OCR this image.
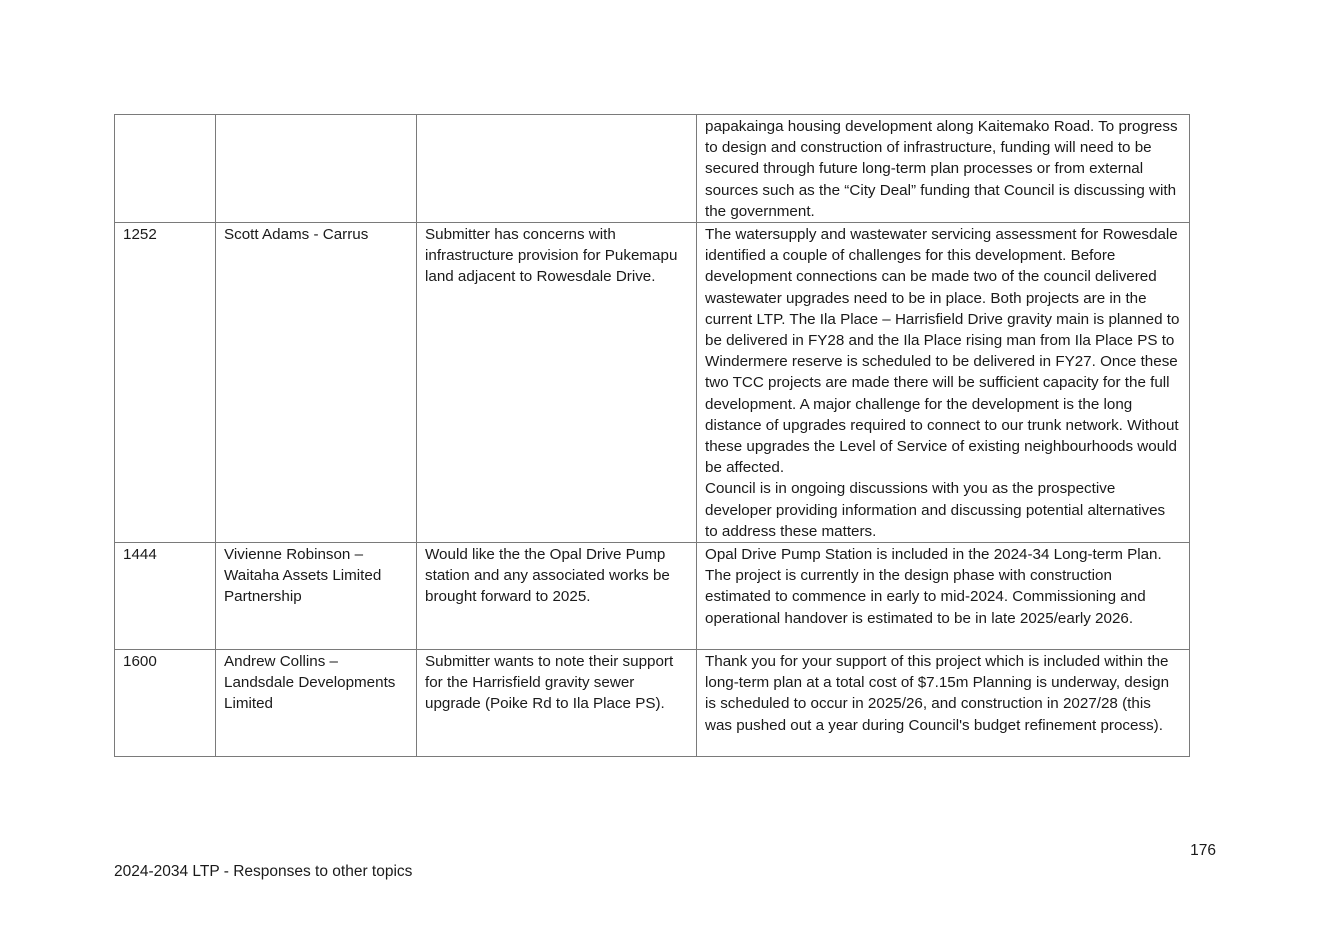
			papakainga housing development along Kaitemako Road. To progress to design and construction of infrastructure, funding will need to be secured through future long-term plan processes or from external sources such as the “City Deal” funding that Council is discussing with the government.

1252	Scott Adams - Carrus	Submitter has concerns with infrastructure provision for Pukemapu land adjacent to Rowesdale Drive.	The watersupply and wastewater servicing assessment for Rowesdale identified a couple of challenges for this development. Before development connections can be made two of the council delivered wastewater upgrades need to be in place. Both projects are in the current LTP. The Ila Place – Harrisfield Drive gravity main is planned to be delivered in FY28 and the Ila Place rising man from Ila Place PS to Windermere reserve is scheduled to be delivered in FY27. Once these two TCC projects are made there will be sufficient capacity for the full development. A major challenge for the development is the long distance of upgrades required to connect to our trunk network. Without these upgrades the Level of Service of existing neighbourhoods would be affected.
Council is in ongoing discussions with you as the prospective developer providing information and discussing potential alternatives to address these matters.

1444	Vivienne Robinson – Waitaha Assets Limited Partnership	Would like the the Opal Drive Pump station and any associated works be brought forward to 2025.	Opal Drive Pump Station is included in the 2024-34 Long-term Plan.
The project is currently in the design phase with construction estimated to commence in early to mid-2024. Commissioning and operational handover is estimated to be in late 2025/early 2026.

1600	Andrew Collins – Landsdale Developments Limited	Submitter wants to note their support for the Harrisfield gravity sewer upgrade (Poike Rd to Ila Place PS).	Thank you for your support of this project which is included within the long-term plan at a total cost of $7.15m Planning is underway, design is scheduled to occur in 2025/26, and construction in 2027/28 (this was pushed out a year during Council's budget refinement process).
176
2024-2034 LTP - Responses to other topics
